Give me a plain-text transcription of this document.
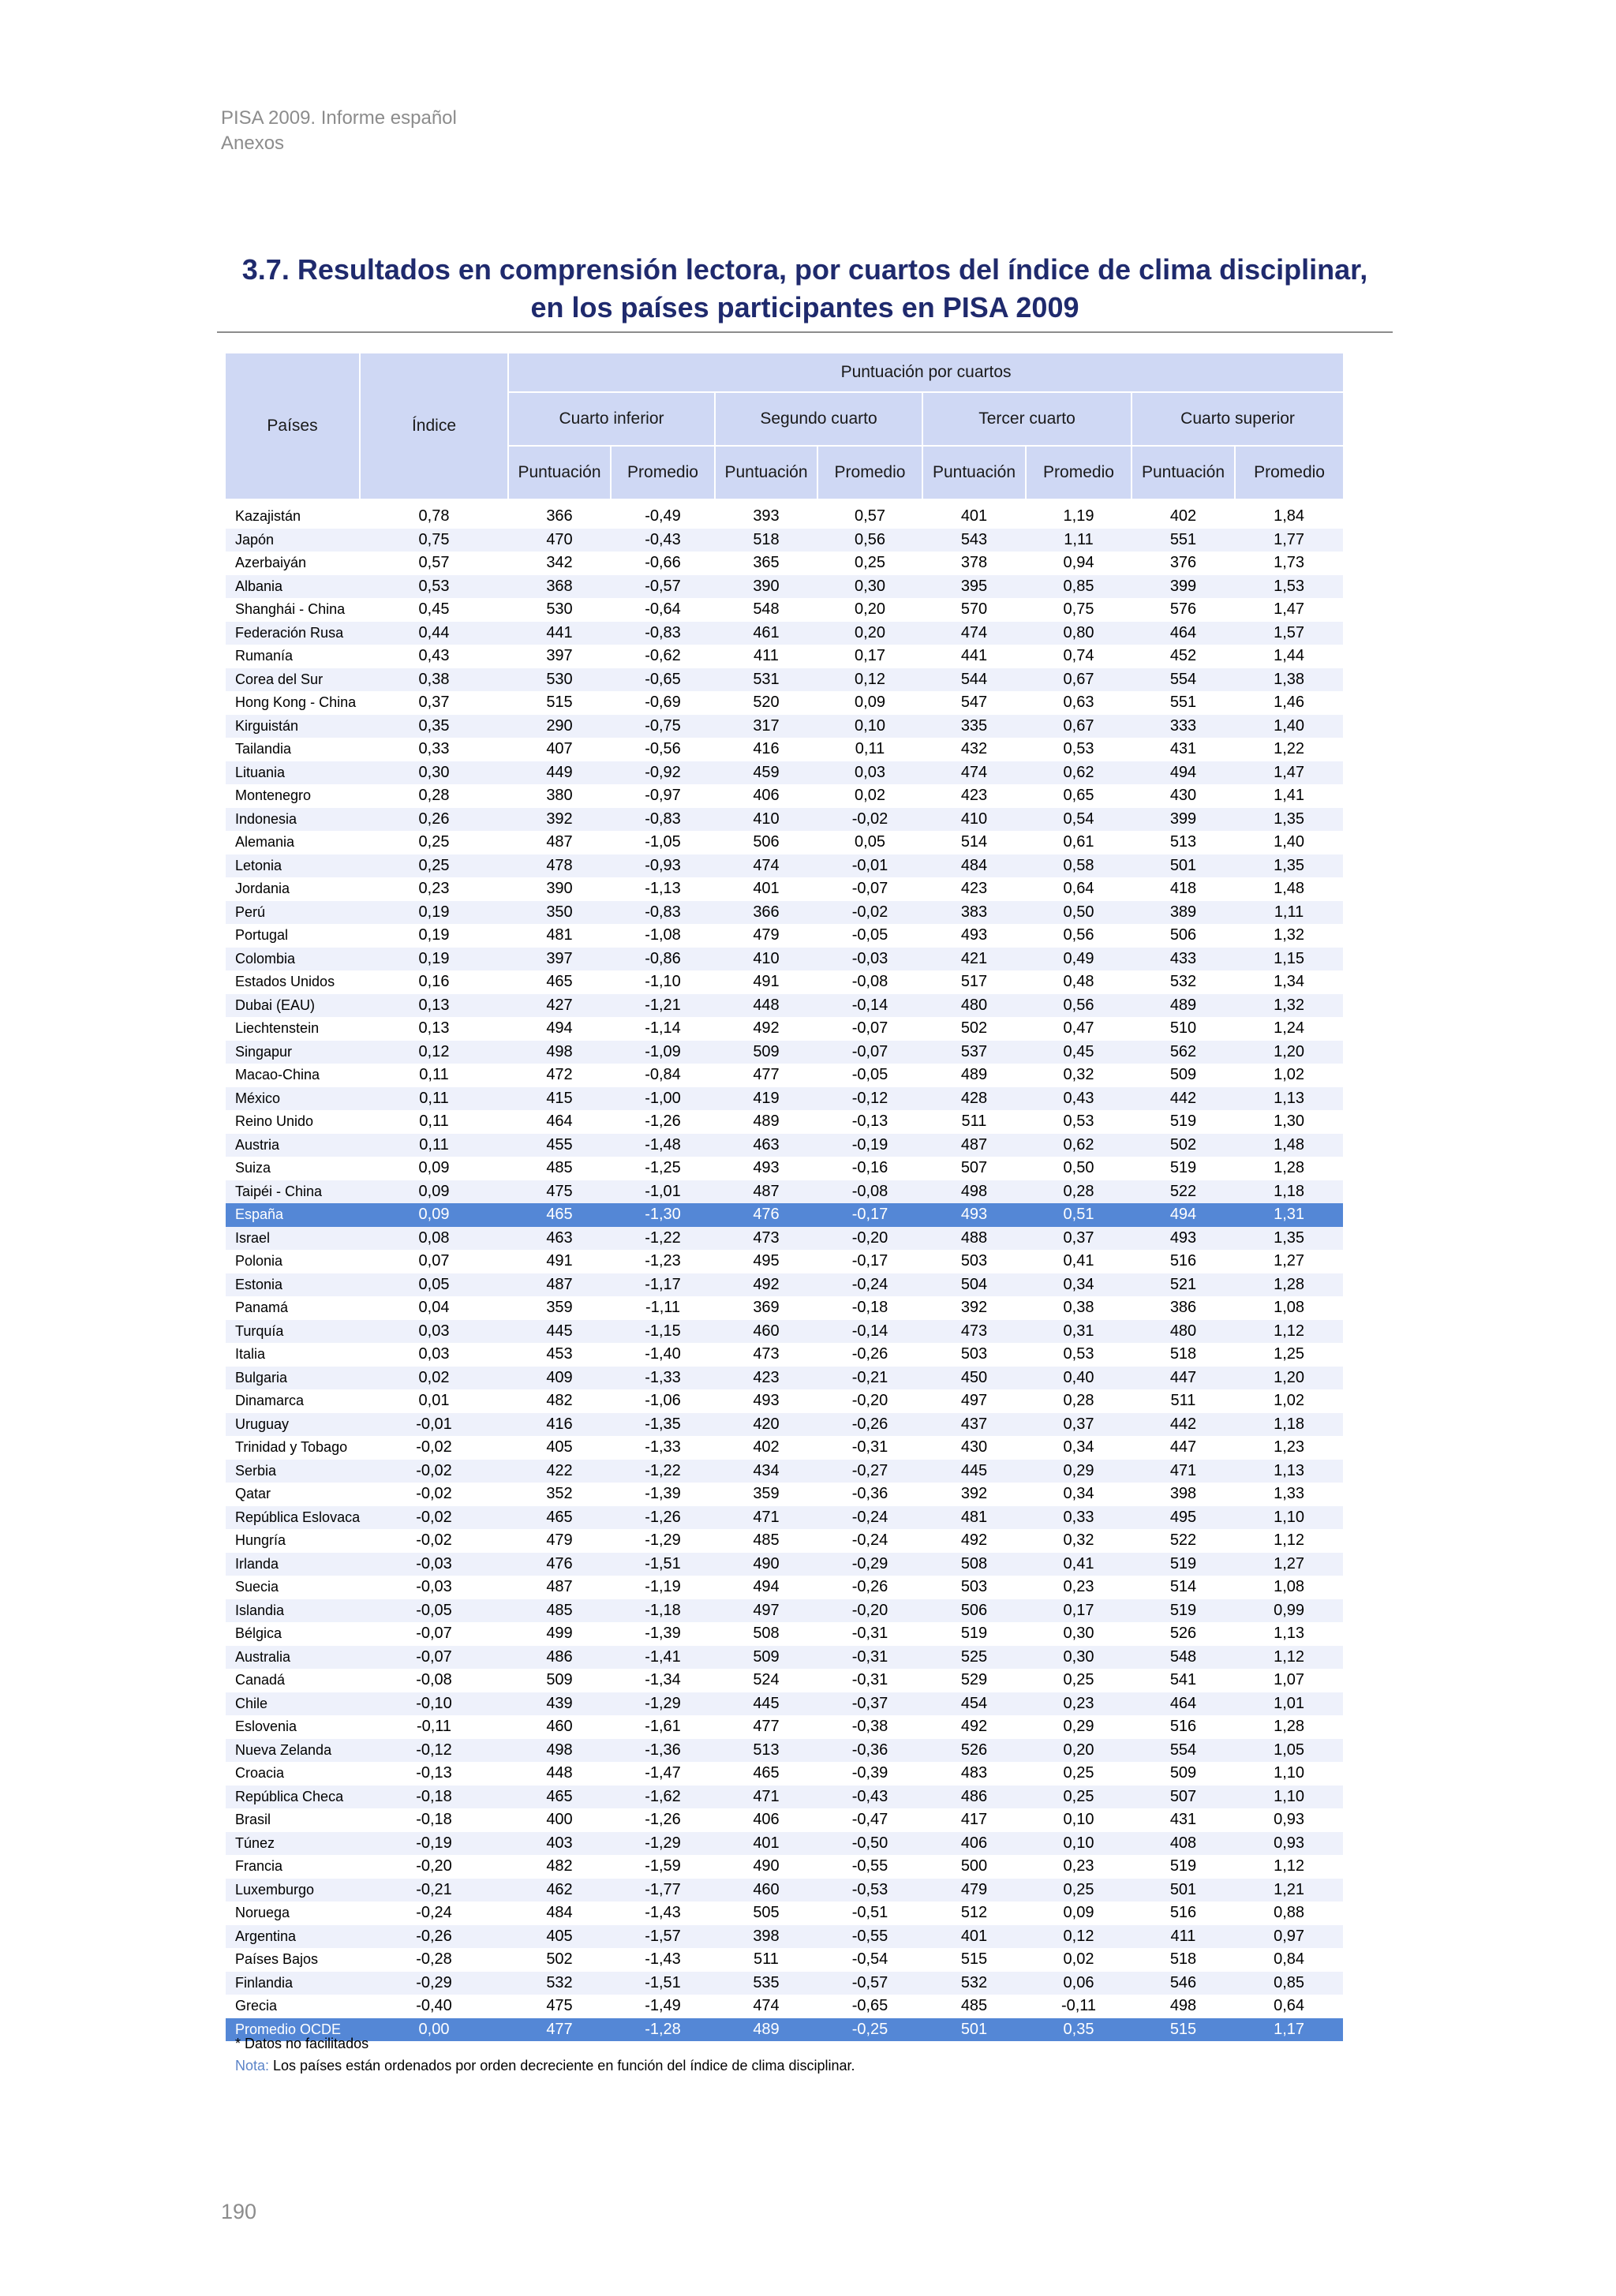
PISA 2009. Informe español
Anexos
3.7. Resultados en comprensión lectora, por cuartos del índice de clima disciplinar,
en los países participantes en PISA 2009
Países	Índice	Puntuación por cuartos							
		Cuarto inferior		Segundo cuarto		Tercer cuarto		Cuarto superior	
		Puntuación	Promedio	Puntuación	Promedio	Puntuación	Promedio	Puntuación	Promedio

Kazajistán	0,78	366	-0,49	393	0,57	401	1,19	402	1,84
Japón	0,75	470	-0,43	518	0,56	543	1,11	551	1,77
Azerbaiyán	0,57	342	-0,66	365	0,25	378	0,94	376	1,73
Albania	0,53	368	-0,57	390	0,30	395	0,85	399	1,53
Shanghái - China	0,45	530	-0,64	548	0,20	570	0,75	576	1,47
Federación Rusa	0,44	441	-0,83	461	0,20	474	0,80	464	1,57
Rumanía	0,43	397	-0,62	411	0,17	441	0,74	452	1,44
Corea del Sur	0,38	530	-0,65	531	0,12	544	0,67	554	1,38
Hong Kong - China	0,37	515	-0,69	520	0,09	547	0,63	551	1,46
Kirguistán	0,35	290	-0,75	317	0,10	335	0,67	333	1,40
Tailandia	0,33	407	-0,56	416	0,11	432	0,53	431	1,22
Lituania	0,30	449	-0,92	459	0,03	474	0,62	494	1,47
Montenegro	0,28	380	-0,97	406	0,02	423	0,65	430	1,41
Indonesia	0,26	392	-0,83	410	-0,02	410	0,54	399	1,35
Alemania	0,25	487	-1,05	506	0,05	514	0,61	513	1,40
Letonia	0,25	478	-0,93	474	-0,01	484	0,58	501	1,35
Jordania	0,23	390	-1,13	401	-0,07	423	0,64	418	1,48
Perú	0,19	350	-0,83	366	-0,02	383	0,50	389	1,11
Portugal	0,19	481	-1,08	479	-0,05	493	0,56	506	1,32
Colombia	0,19	397	-0,86	410	-0,03	421	0,49	433	1,15
Estados Unidos	0,16	465	-1,10	491	-0,08	517	0,48	532	1,34
Dubai (EAU)	0,13	427	-1,21	448	-0,14	480	0,56	489	1,32
Liechtenstein	0,13	494	-1,14	492	-0,07	502	0,47	510	1,24
Singapur	0,12	498	-1,09	509	-0,07	537	0,45	562	1,20
Macao-China	0,11	472	-0,84	477	-0,05	489	0,32	509	1,02
México	0,11	415	-1,00	419	-0,12	428	0,43	442	1,13
Reino Unido	0,11	464	-1,26	489	-0,13	511	0,53	519	1,30
Austria	0,11	455	-1,48	463	-0,19	487	0,62	502	1,48
Suiza	0,09	485	-1,25	493	-0,16	507	0,50	519	1,28
Taipéi - China	0,09	475	-1,01	487	-0,08	498	0,28	522	1,18
España	0,09	465	-1,30	476	-0,17	493	0,51	494	1,31
Israel	0,08	463	-1,22	473	-0,20	488	0,37	493	1,35
Polonia	0,07	491	-1,23	495	-0,17	503	0,41	516	1,27
Estonia	0,05	487	-1,17	492	-0,24	504	0,34	521	1,28
Panamá	0,04	359	-1,11	369	-0,18	392	0,38	386	1,08
Turquía	0,03	445	-1,15	460	-0,14	473	0,31	480	1,12
Italia	0,03	453	-1,40	473	-0,26	503	0,53	518	1,25
Bulgaria	0,02	409	-1,33	423	-0,21	450	0,40	447	1,20
Dinamarca	0,01	482	-1,06	493	-0,20	497	0,28	511	1,02
Uruguay	-0,01	416	-1,35	420	-0,26	437	0,37	442	1,18
Trinidad y Tobago	-0,02	405	-1,33	402	-0,31	430	0,34	447	1,23
Serbia	-0,02	422	-1,22	434	-0,27	445	0,29	471	1,13
Qatar	-0,02	352	-1,39	359	-0,36	392	0,34	398	1,33
República Eslovaca	-0,02	465	-1,26	471	-0,24	481	0,33	495	1,10
Hungría	-0,02	479	-1,29	485	-0,24	492	0,32	522	1,12
Irlanda	-0,03	476	-1,51	490	-0,29	508	0,41	519	1,27
Suecia	-0,03	487	-1,19	494	-0,26	503	0,23	514	1,08
Islandia	-0,05	485	-1,18	497	-0,20	506	0,17	519	0,99
Bélgica	-0,07	499	-1,39	508	-0,31	519	0,30	526	1,13
Australia	-0,07	486	-1,41	509	-0,31	525	0,30	548	1,12
Canadá	-0,08	509	-1,34	524	-0,31	529	0,25	541	1,07
Chile	-0,10	439	-1,29	445	-0,37	454	0,23	464	1,01
Eslovenia	-0,11	460	-1,61	477	-0,38	492	0,29	516	1,28
Nueva Zelanda	-0,12	498	-1,36	513	-0,36	526	0,20	554	1,05
Croacia	-0,13	448	-1,47	465	-0,39	483	0,25	509	1,10
República Checa	-0,18	465	-1,62	471	-0,43	486	0,25	507	1,10
Brasil	-0,18	400	-1,26	406	-0,47	417	0,10	431	0,93
Túnez	-0,19	403	-1,29	401	-0,50	406	0,10	408	0,93
Francia	-0,20	482	-1,59	490	-0,55	500	0,23	519	1,12
Luxemburgo	-0,21	462	-1,77	460	-0,53	479	0,25	501	1,21
Noruega	-0,24	484	-1,43	505	-0,51	512	0,09	516	0,88
Argentina	-0,26	405	-1,57	398	-0,55	401	0,12	411	0,97
Países Bajos	-0,28	502	-1,43	511	-0,54	515	0,02	518	0,84
Finlandia	-0,29	532	-1,51	535	-0,57	532	0,06	546	0,85
Grecia	-0,40	475	-1,49	474	-0,65	485	-0,11	498	0,64
Promedio OCDE	0,00	477	-1,28	489	-0,25	501	0,35	515	1,17
* Datos no facilitados
Nota: Los países están ordenados por orden decreciente en función del índice de clima disciplinar.
190
